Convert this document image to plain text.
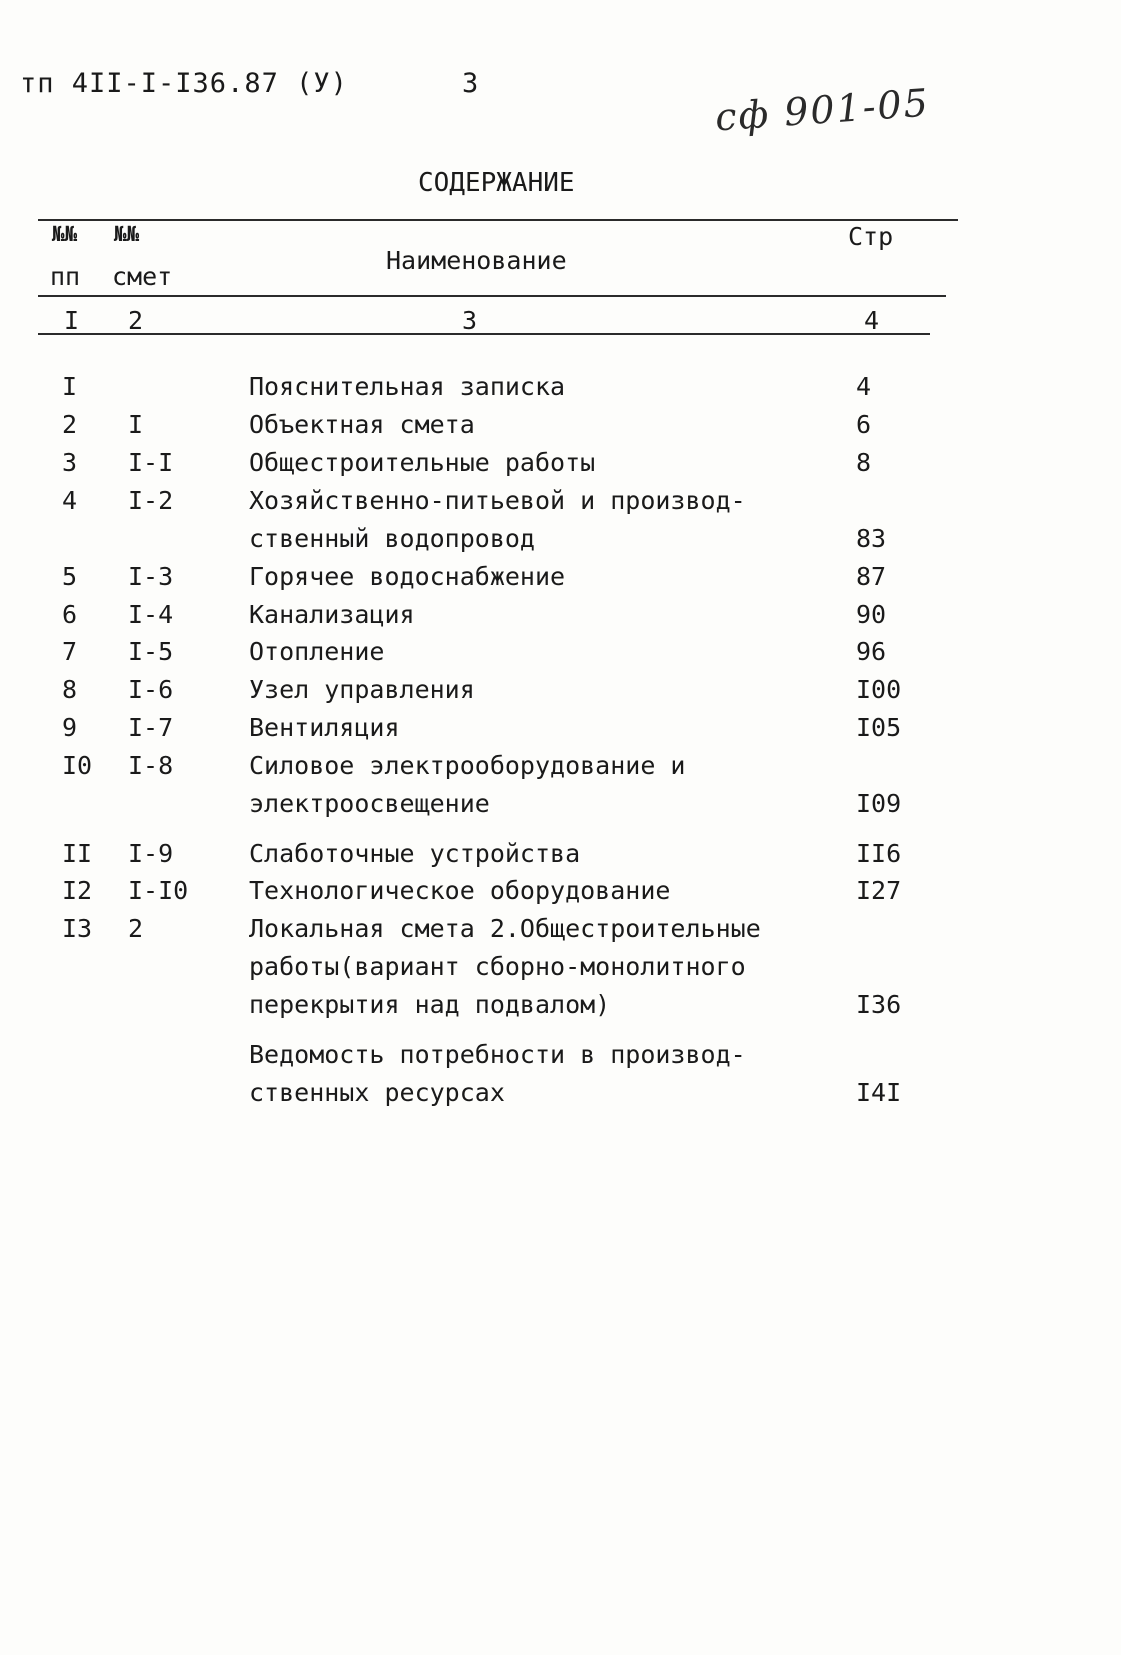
тп 4II-I-I36.87 (У)	3	сф 901-05
СОДЕРЖАНИЕ
№№
пп
№№
смет
Наименование
Стр
I 2	3	4
I	Пояснительная записка	4
2 I	Объектная смета	6
3 I-I	Общестроительные работы	8
4 I-2	Хозяйственно-питьевой и производ-
ственный водопровод	83
5 I-3	Горячее водоснабжение	87
6 I-4	Канализация	90
7 I-5	Отопление	96
8 I-6	Узел управления	I00
9 I-7	Вентиляция	I05
I0 I-8	Силовое электрооборудование и
электроосвещение	I09
II I-9	Слаботочные устройства	II6
I2 I-I0 Технологическое оборудование	I27
I3 2	Локальная смета 2.Общестроительные
работы(вариант сборно-монолитного
перекрытия над подвалом)	I36
Ведомость потребности в производ-
ственных ресурсах	I4I
